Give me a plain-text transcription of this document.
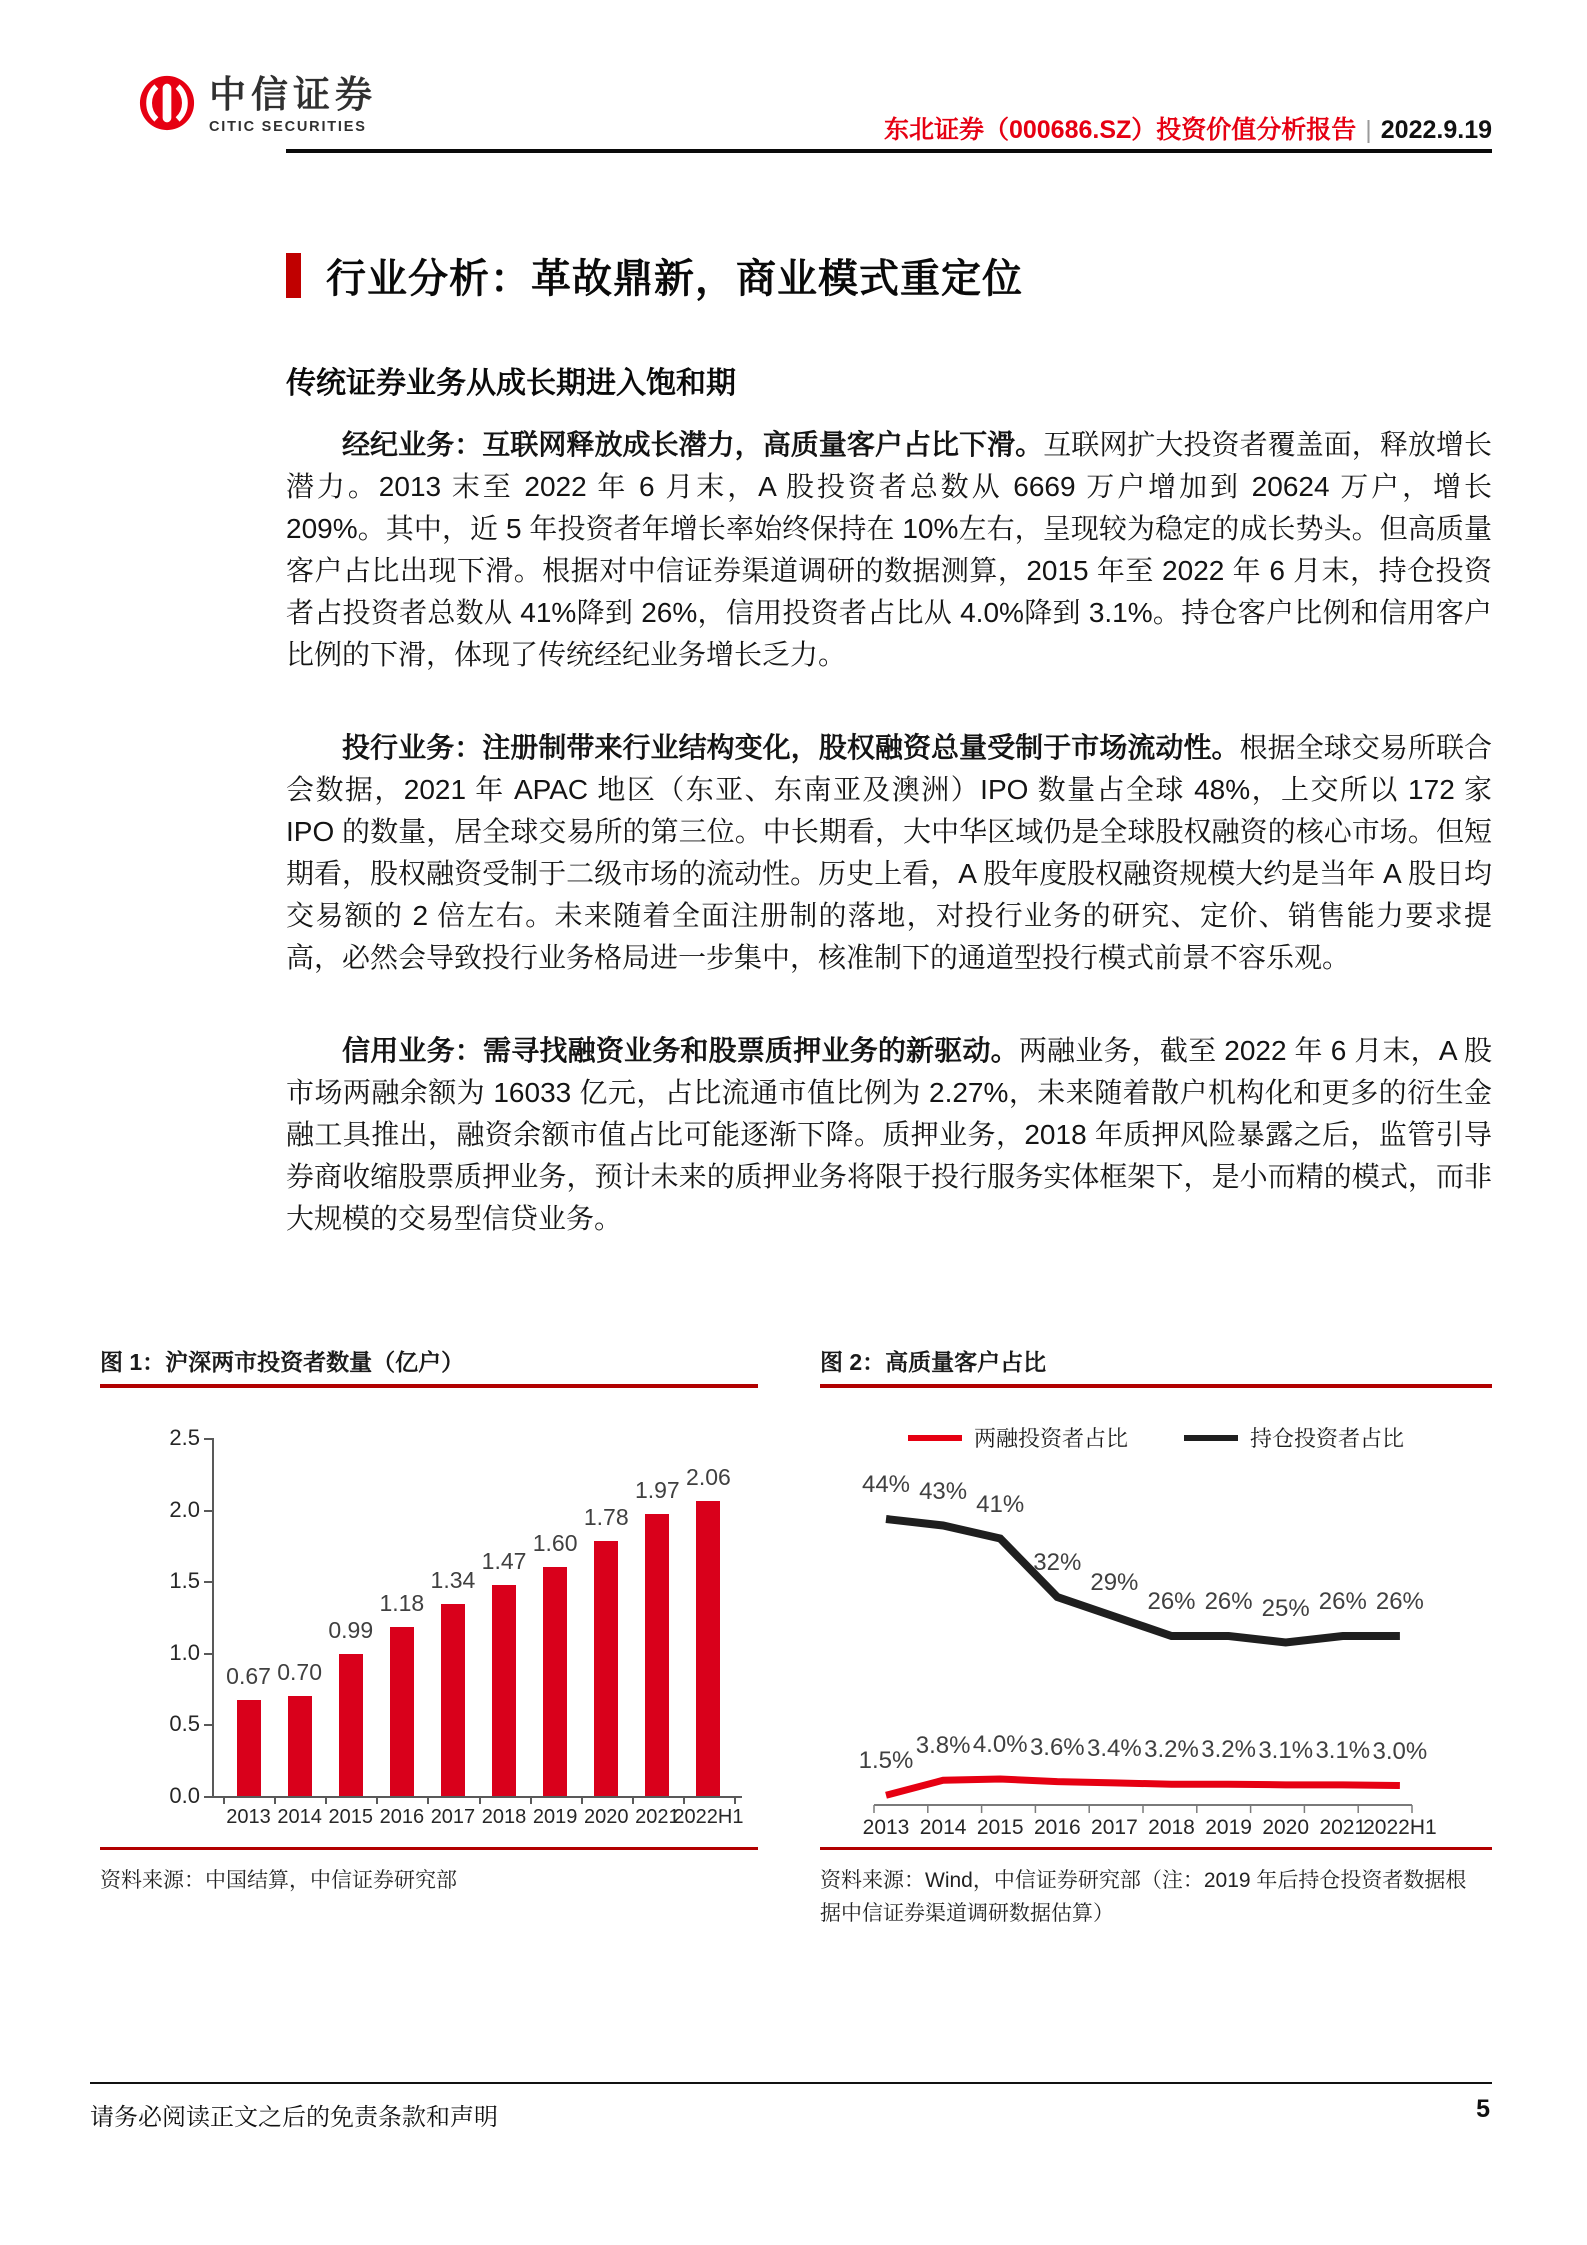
中信证券
CITIC SECURITIES	东北证券（000686.SZ）投资价值分析报告 | 2022.9.19
行业分析：革故鼎新，商业模式重定位
传统证券业务从成长期进入饱和期

经纪业务：互联网释放成长潜力，高质量客户占比下滑。互联网扩大投资者覆盖面，释放增长潜力。2013 末至 2022 年 6 月末，A 股投资者总数从 6669 万户增加到 20624 万户，增长 209%。其中，近 5 年投资者年增长率始终保持在 10%左右，呈现较为稳定的成长势头。但高质量客户占比出现下滑。根据对中信证券渠道调研的数据测算，2015 年至 2022 年 6 月末，持仓投资者占投资者总数从 41%降到 26%，信用投资者占比从 4.0%降到 3.1%。持仓客户比例和信用客户比例的下滑，体现了传统经纪业务增长乏力。

投行业务：注册制带来行业结构变化，股权融资总量受制于市场流动性。根据全球交易所联合会数据，2021 年 APAC 地区（东亚、东南亚及澳洲）IPO 数量占全球 48%，上交所以 172 家 IPO 的数量，居全球交易所的第三位。中长期看，大中华区域仍是全球股权融资的核心市场。但短期看，股权融资受制于二级市场的流动性。历史上看，A 股年度股权融资规模大约是当年 A 股日均交易额的 2 倍左右。未来随着全面注册制的落地，对投行业务的研究、定价、销售能力要求提高，必然会导致投行业务格局进一步集中，核准制下的通道型投行模式前景不容乐观。

信用业务：需寻找融资业务和股票质押业务的新驱动。两融业务，截至 2022 年 6 月末，A 股市场两融余额为 16033 亿元，占比流通市值比例为 2.27%，未来随着散户机构化和更多的衍生金融工具推出，融资余额市值占比可能逐渐下降。质押业务，2018 年质押风险暴露之后，监管引导券商收缩股票质押业务，预计未来的质押业务将限于投行服务实体框架下，是小而精的模式，而非大规模的交易型信贷业务。

图 1：沪深两市投资者数量（亿户）
0.0
0.5
1.0
1.5
2.0
2.5
0.67
2013
0.70
2014
0.99
2015
1.18
2016
1.34
2017
1.47
2018
1.60
2019
1.78
2020
1.97
2021
2.06
2022H1
资料来源：中国结算，中信证券研究部
图 2：高质量客户占比
两融投资者占比	持仓投资者占比
1.5%
3.8% 4.0% 3.6% 3.4% 3.2% 3.2% 3.1% 3.1% 3.0%
44% 43% 41%
32%
29%
26% 26% 25% 26% 26%
2013 2014 2015 2016 2017 2018 2019 2020 2021
2022H1
资料来源：Wind，中信证券研究部（注：2019 年后持仓投资者数据根据中信证券渠道调研数据估算）
请务必阅读正文之后的免责条款和声明	5
